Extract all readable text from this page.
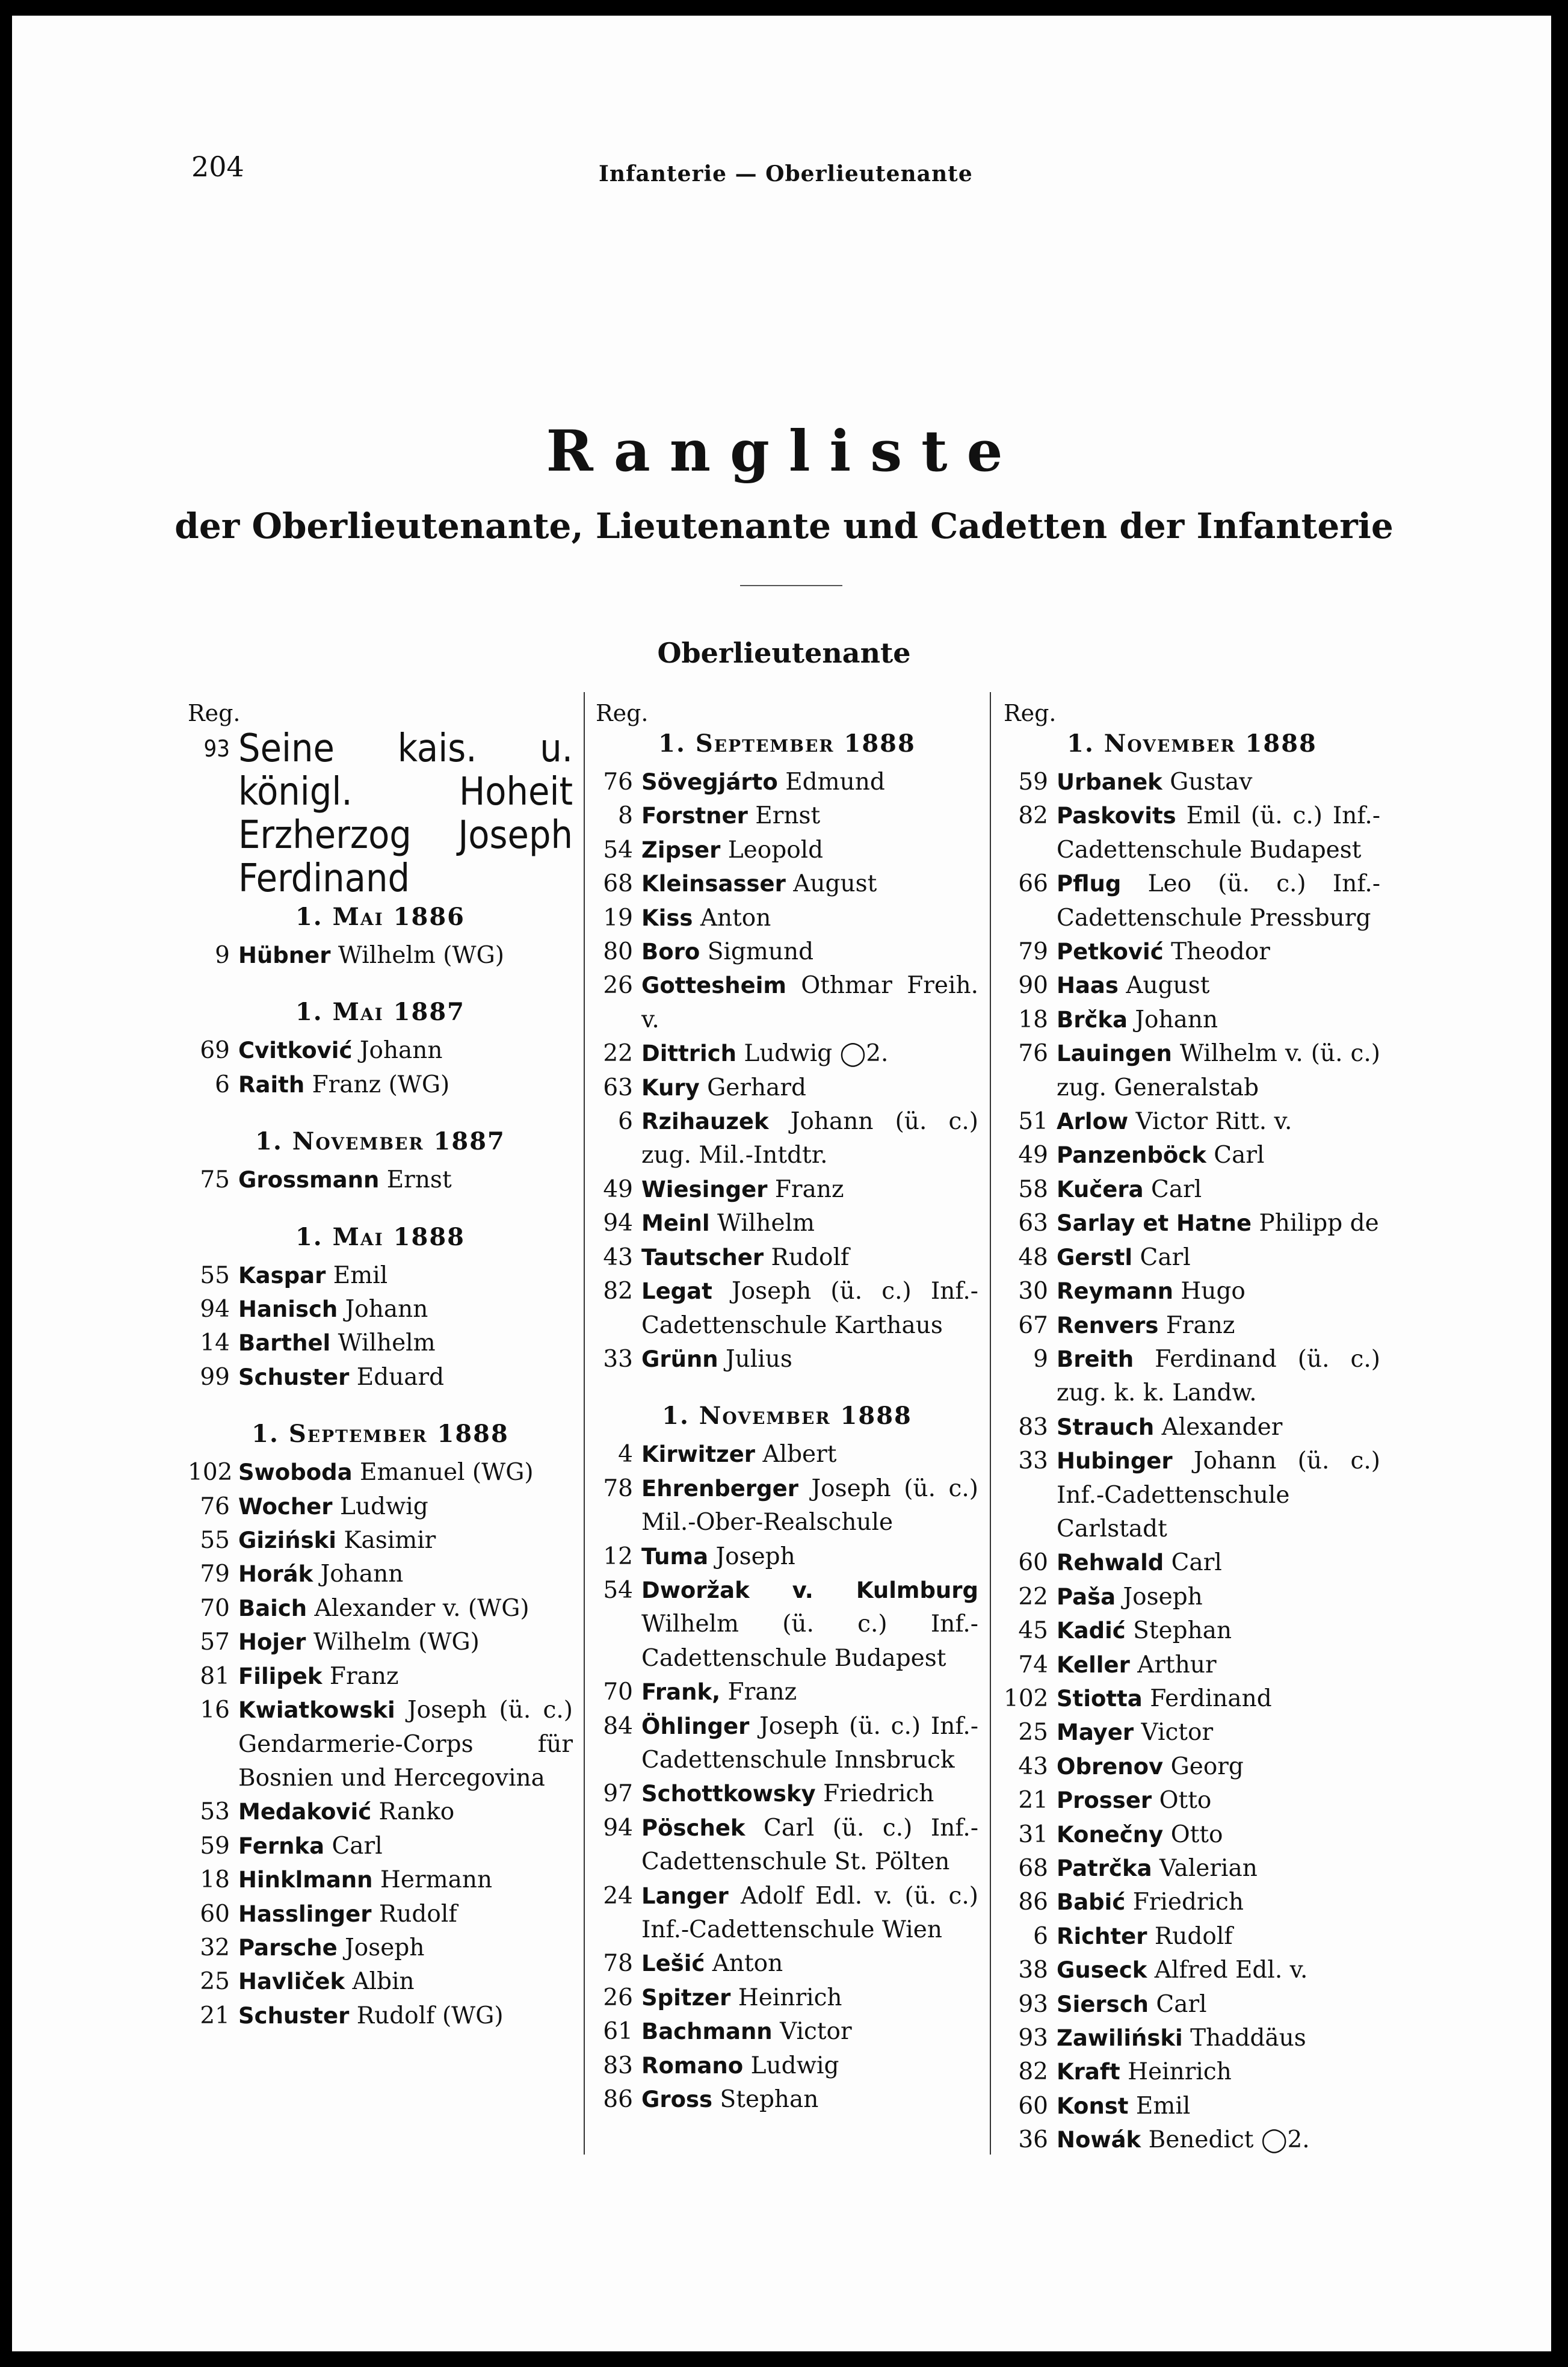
204	Infanterie — Oberlieutenante
Rangliste
der Oberlieutenante, Lieutenante und Cadetten der Infanterie
Oberlieutenante
Reg.
93 Seine kais. u. königl. Hoheit Erzherzog Joseph Ferdinand
1. Mai 1886
9 Hübner Wilhelm (WG)
1. Mai 1887
69 Cvitković Johann
6 Raith Franz (WG)
1. November 1887
75 Grossmann Ernst
1. Mai 1888
55 Kaspar Emil
94 Hanisch Johann
14 Barthel Wilhelm
99 Schuster Eduard
1. September 1888
102 Swoboda Emanuel (WG)
76 Wocher Ludwig
55 Giziński Kasimir
79 Horák Johann
70 Baich Alexander v. (WG)
57 Hojer Wilhelm (WG)
81 Filipek Franz
16 Kwiatkowski Joseph (ü. c.) Gendarmerie-Corps für Bosnien und Hercegovina
53 Medaković Ranko
59 Fernka Carl
18 Hinklmann Hermann
60 Hasslinger Rudolf
32 Parsche Joseph
25 Havliček Albin
21 Schuster Rudolf (WG)
Reg.
1. September 1888
76 Sövegjárto Edmund
8 Forstner Ernst
54 Zipser Leopold
68 Kleinsasser August
19 Kiss Anton
80 Boro Sigmund
26 Gottesheim Othmar Freih. v.
22 Dittrich Ludwig ◯2.
63 Kury Gerhard
6 Rzihauzek Johann (ü. c.) zug. Mil.-Intdtr.
49 Wiesinger Franz
94 Meinl Wilhelm
43 Tautscher Rudolf
82 Legat Joseph (ü. c.) Inf.-Cadettenschule Karthaus
33 Grünn Julius
1. November 1888
4 Kirwitzer Albert
78 Ehrenberger Joseph (ü. c.) Mil.-Ober-Realschule
12 Tuma Joseph
54 Dworžak v. Kulmburg Wilhelm (ü. c.) Inf.-Cadettenschule Budapest
70 Frank, Franz
84 Öhlinger Joseph (ü. c.) Inf.-Cadettenschule Innsbruck
97 Schottkowsky Friedrich
94 Pöschek Carl (ü. c.) Inf.-Cadettenschule St. Pölten
24 Langer Adolf Edl. v. (ü. c.) Inf.-Cadettenschule Wien
78 Lešić Anton
26 Spitzer Heinrich
61 Bachmann Victor
83 Romano Ludwig
86 Gross Stephan
Reg.
1. November 1888
59 Urbanek Gustav
82 Paskovits Emil (ü. c.) Inf.-Cadettenschule Budapest
66 Pflug Leo (ü. c.) Inf.-Cadettenschule Pressburg
79 Petković Theodor
90 Haas August
18 Brčka Johann
76 Lauingen Wilhelm v. (ü. c.) zug. Generalstab
51 Arlow Victor Ritt. v.
49 Panzenböck Carl
58 Kučera Carl
63 Sarlay et Hatne Philipp de
48 Gerstl Carl
30 Reymann Hugo
67 Renvers Franz
9 Breith Ferdinand (ü. c.) zug. k. k. Landw.
83 Strauch Alexander
33 Hubinger Johann (ü. c.) Inf.-Cadettenschule Carlstadt
60 Rehwald Carl
22 Paša Joseph
45 Kadić Stephan
74 Keller Arthur
102 Stiotta Ferdinand
25 Mayer Victor
43 Obrenov Georg
21 Prosser Otto
31 Konečny Otto
68 Patrčka Valerian
86 Babić Friedrich
6 Richter Rudolf
38 Guseck Alfred Edl. v.
93 Siersch Carl
93 Zawiliński Thaddäus
82 Kraft Heinrich
60 Konst Emil
36 Nowák Benedict ◯2.
